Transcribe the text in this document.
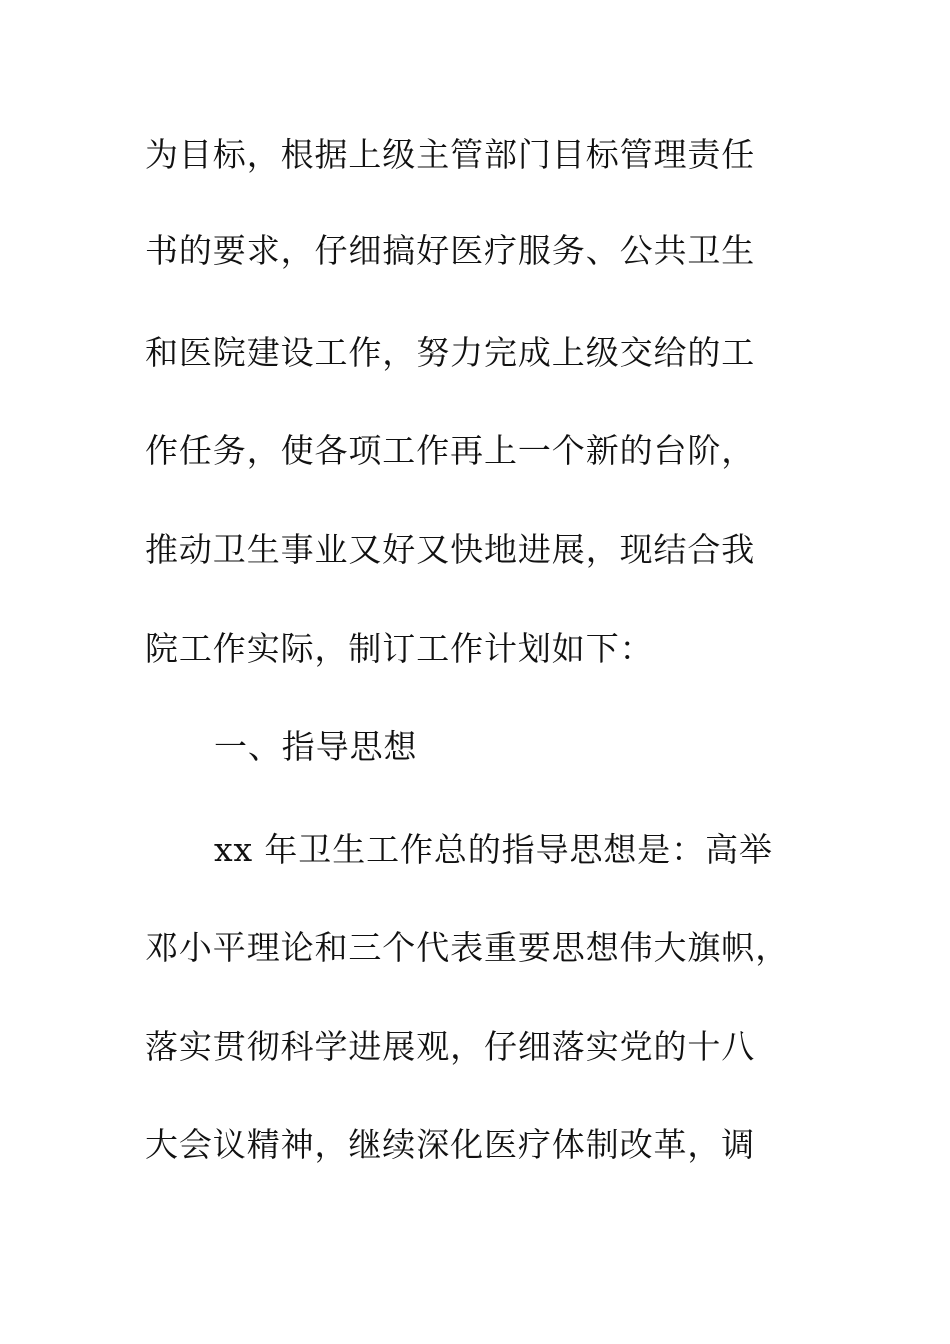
为目标，根据上级主管部门目标管理责任
书的要求，仔细搞好医疗服务、公共卫生
和医院建设工作，努力完成上级交给的工
作任务，使各项工作再上一个新的台阶，
推动卫生事业又好又快地进展，现结合我
院工作实际，制订工作计划如下：
一、指导思想
xx 年卫生工作总的指导思想是：高举
邓小平理论和三个代表重要思想伟大旗帜，
落实贯彻科学进展观，仔细落实党的十八
大会议精神，继续深化医疗体制改革，调
